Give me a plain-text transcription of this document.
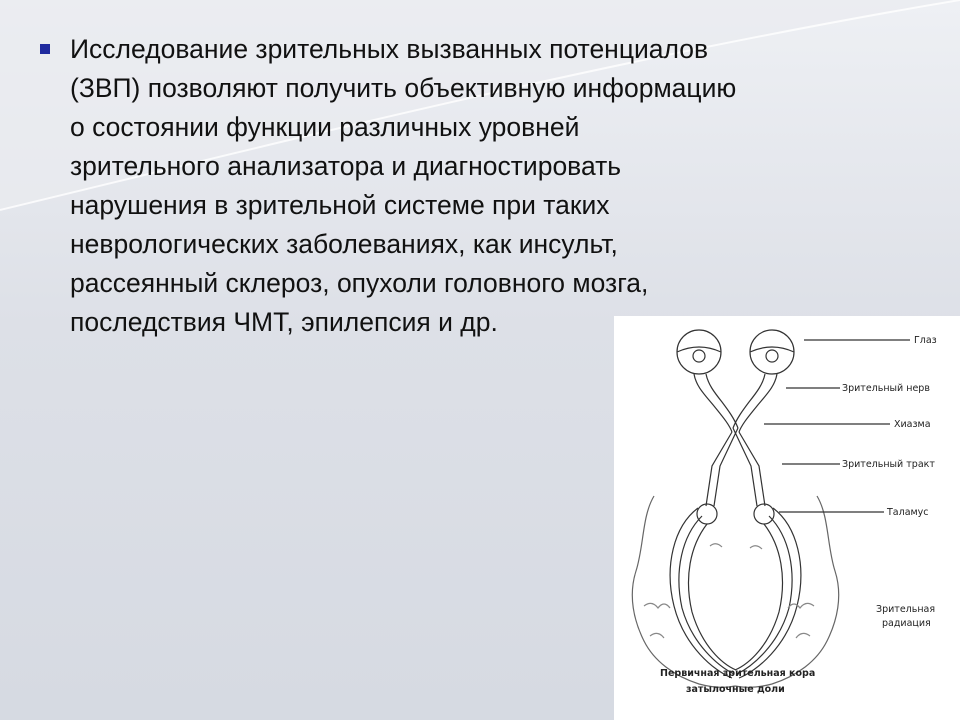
Исследование зрительных вызванных потенциалов
(ЗВП) позволяют получить объективную информацию
о состоянии функции различных уровней
зрительного анализатора и диагностировать
нарушения в зрительной системе при таких
неврологических заболеваниях, как инсульт,
рассеянный склероз, опухоли головного мозга,
последствия ЧМТ, эпилепсия и др.

Глаз
Зрительный нерв
Хиазма
Зрительный тракт
Таламус
Зрительная
радиация
Первичная зрительная кора
затылочные доли
